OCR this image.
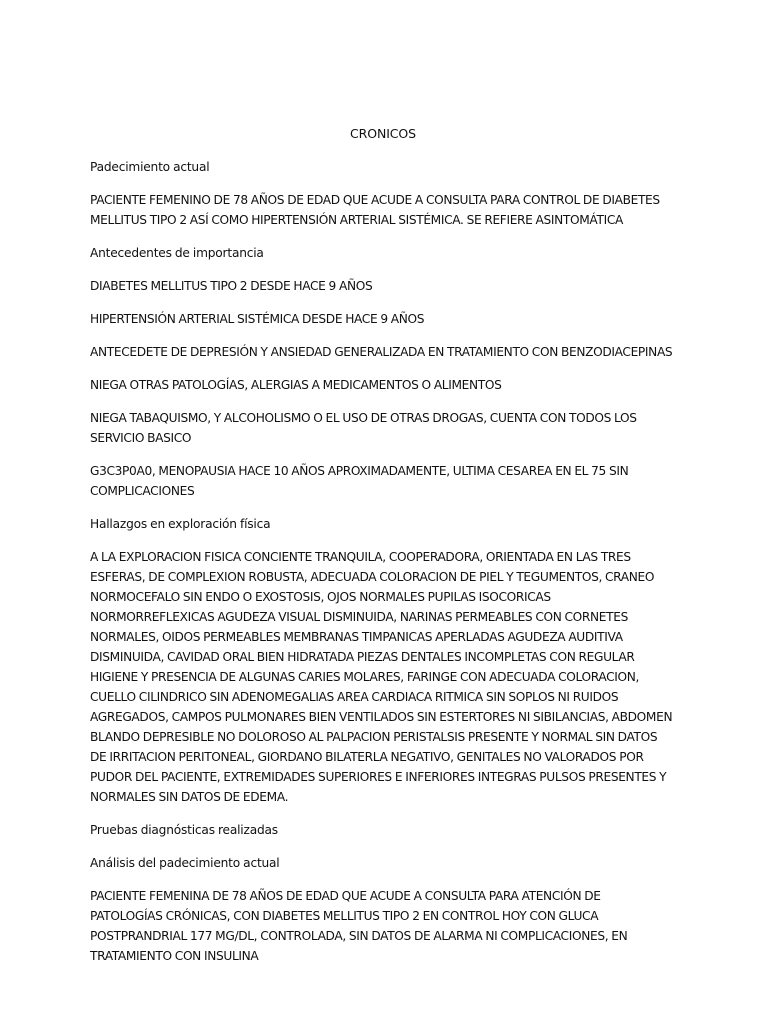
CRONICOS

Padecimiento actual

PACIENTE FEMENINO DE 78 AÑOS DE EDAD QUE ACUDE A CONSULTA PARA CONTROL DE DIABETES MELLITUS TIPO 2 ASÍ COMO HIPERTENSIÓN ARTERIAL SISTÉMICA. SE REFIERE ASINTOMÁTICA

Antecedentes de importancia

DIABETES MELLITUS TIPO 2 DESDE HACE 9 AÑOS

HIPERTENSIÓN ARTERIAL SISTÉMICA DESDE HACE 9 AÑOS

ANTECEDETE DE DEPRESIÓN Y ANSIEDAD GENERALIZADA EN TRATAMIENTO CON BENZODIACEPINAS

NIEGA OTRAS PATOLOGÍAS, ALERGIAS A MEDICAMENTOS O ALIMENTOS

NIEGA TABAQUISMO, Y ALCOHOLISMO O EL USO DE OTRAS DROGAS, CUENTA CON TODOS LOS SERVICIO BASICO

G3C3P0A0, MENOPAUSIA HACE 10 AÑOS APROXIMADAMENTE, ULTIMA CESAREA EN EL 75 SIN COMPLICACIONES

Hallazgos en exploración física

A LA EXPLORACION FISICA CONCIENTE TRANQUILA, COOPERADORA, ORIENTADA EN LAS TRES ESFERAS, DE COMPLEXION ROBUSTA, ADECUADA COLORACION DE PIEL Y TEGUMENTOS, CRANEO NORMOCEFALO SIN ENDO O EXOSTOSIS, OJOS NORMALES PUPILAS ISOCORICAS NORMORREFLEXICAS AGUDEZA VISUAL DISMINUIDA, NARINAS PERMEABLES CON CORNETES NORMALES, OIDOS PERMEABLES MEMBRANAS TIMPANICAS APERLADAS AGUDEZA AUDITIVA DISMINUIDA, CAVIDAD ORAL BIEN HIDRATADA PIEZAS DENTALES INCOMPLETAS CON REGULAR HIGIENE Y PRESENCIA DE ALGUNAS CARIES MOLARES, FARINGE CON ADECUADA COLORACION, CUELLO CILINDRICO SIN ADENOMEGALIAS AREA CARDIACA RITMICA SIN SOPLOS NI RUIDOS AGREGADOS, CAMPOS PULMONARES BIEN VENTILADOS SIN ESTERTORES NI SIBILANCIAS, ABDOMEN BLANDO DEPRESIBLE NO DOLOROSO AL PALPACION PERISTALSIS PRESENTE Y NORMAL SIN DATOS DE IRRITACION PERITONEAL, GIORDANO BILATERLA NEGATIVO, GENITALES NO VALORADOS POR PUDOR DEL PACIENTE, EXTREMIDADES SUPERIORES E INFERIORES INTEGRAS PULSOS PRESENTES Y NORMALES SIN DATOS DE EDEMA.

Pruebas diagnósticas realizadas

Análisis del padecimiento actual

PACIENTE FEMENINA DE 78 AÑOS DE EDAD QUE ACUDE A CONSULTA PARA ATENCIÓN DE PATOLOGÍAS CRÓNICAS, CON DIABETES MELLITUS TIPO 2 EN CONTROL HOY CON GLUCA POSTPRANDRIAL 177 MG/DL, CONTROLADA, SIN DATOS DE ALARMA NI COMPLICACIONES, EN TRATAMIENTO CON INSULINA
